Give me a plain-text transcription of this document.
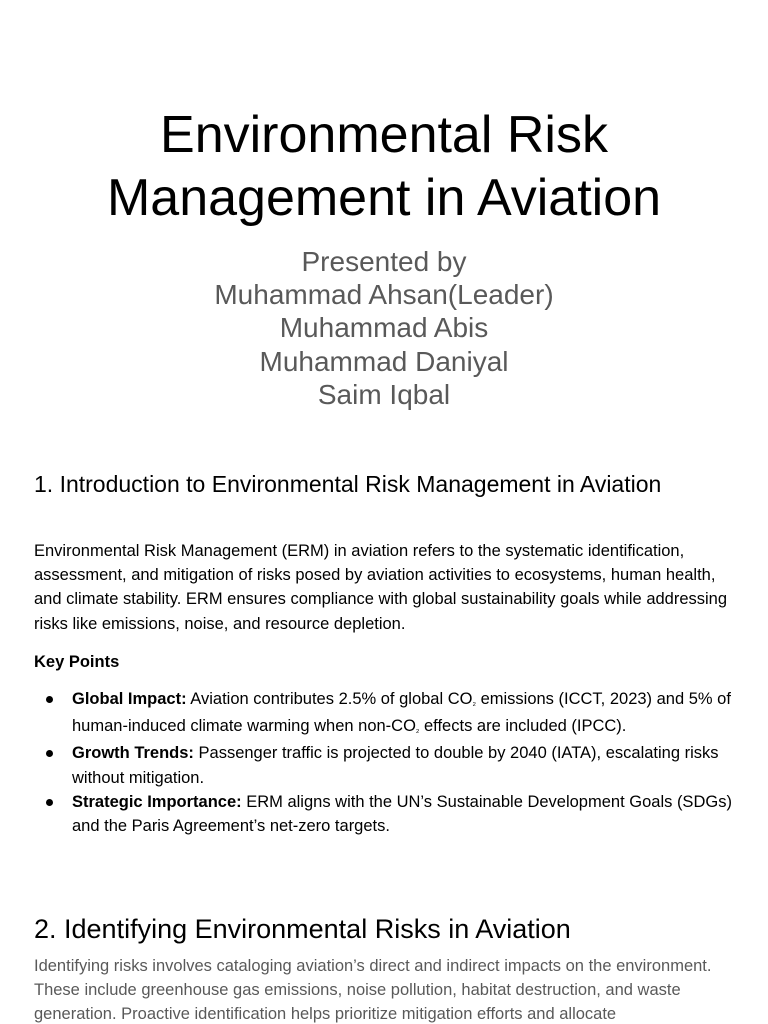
Environmental Risk
Management in Aviation
Presented by
Muhammad Ahsan(Leader)
Muhammad Abis
Muhammad Daniyal
Saim Iqbal
1. Introduction to Environmental Risk Management in Aviation

Environmental Risk Management (ERM) in aviation refers to the systematic identification, assessment, and mitigation of risks posed by aviation activities to ecosystems, human health, and climate stability. ERM ensures compliance with global sustainability goals while addressing risks like emissions, noise, and resource depletion.

Key Points

Global Impact: Aviation contributes 2.5% of global CO₂ emissions (ICCT, 2023) and 5% of human-induced climate warming when non-CO₂ effects are included (IPCC).
Growth Trends: Passenger traffic is projected to double by 2040 (IATA), escalating risks without mitigation.
Strategic Importance: ERM aligns with the UN’s Sustainable Development Goals (SDGs) and the Paris Agreement’s net-zero targets.
2. Identifying Environmental Risks in Aviation

Identifying risks involves cataloging aviation’s direct and indirect impacts on the environment. These include greenhouse gas emissions, noise pollution, habitat destruction, and waste generation. Proactive identification helps prioritize mitigation efforts and allocate
